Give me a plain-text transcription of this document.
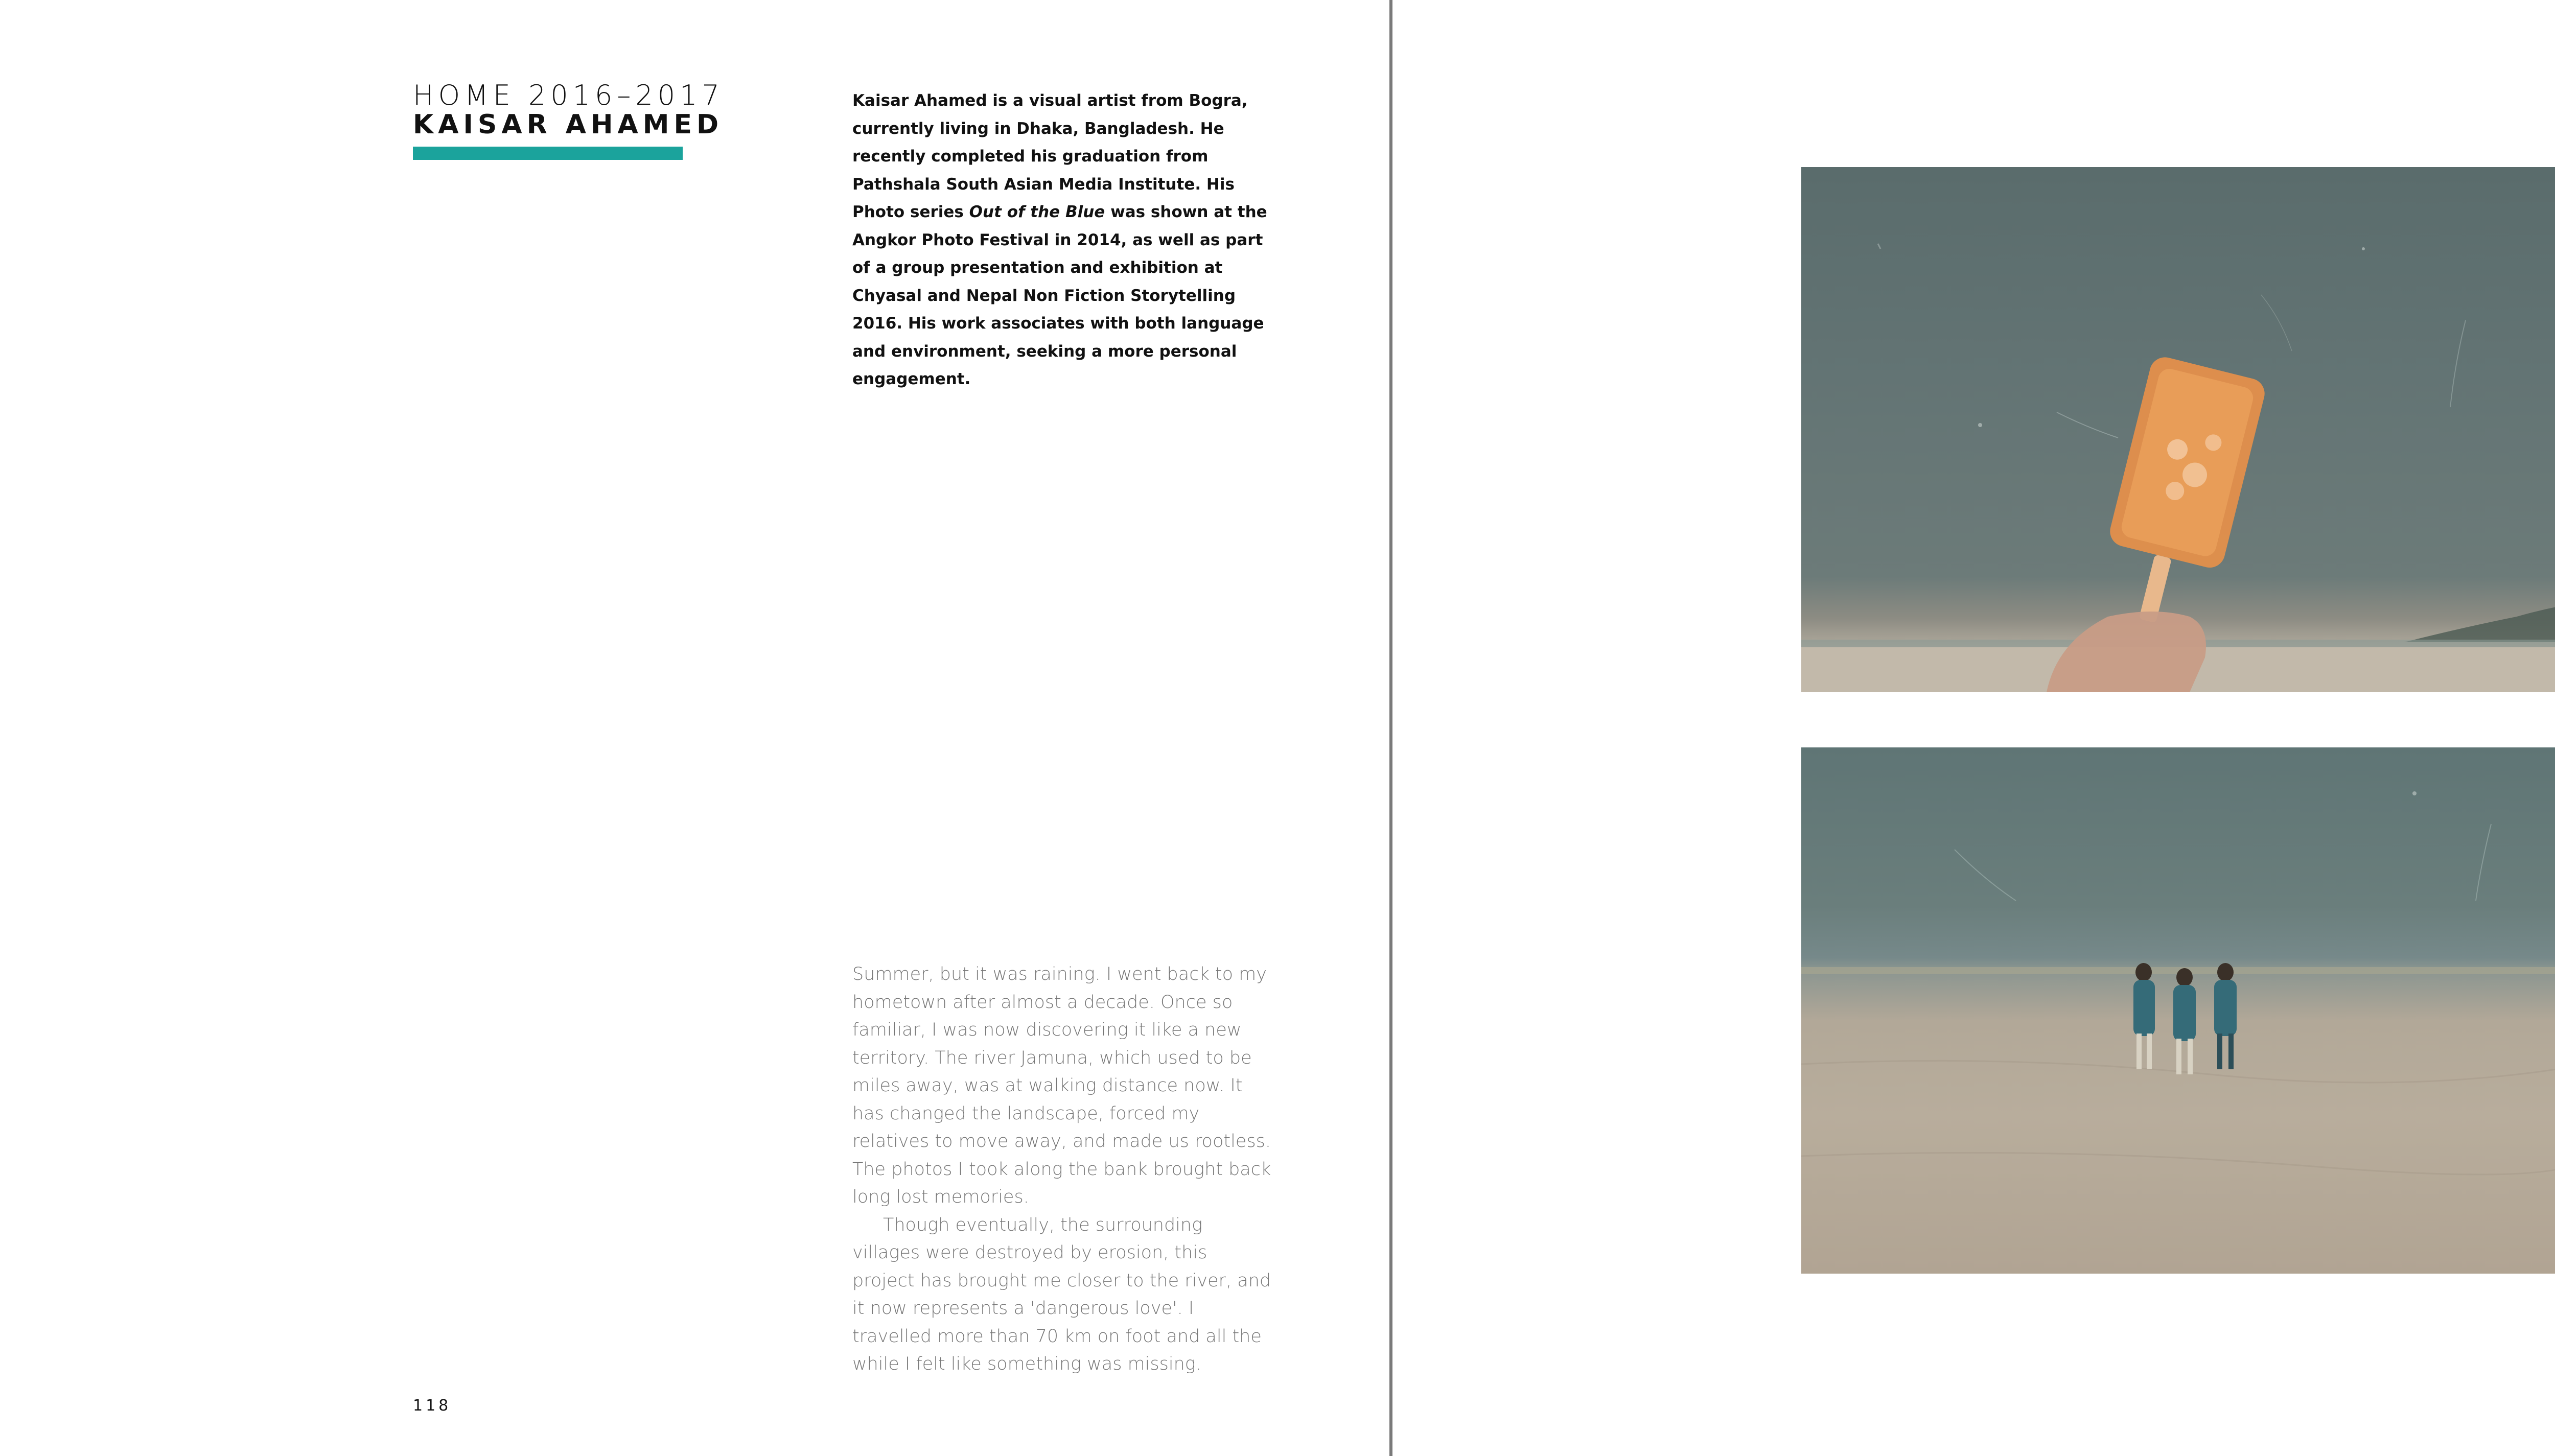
HOME 2016–2017
KAISAR AHAMED

Kaisar Ahamed is a visual artist from Bogra, currently living in Dhaka, Bangladesh. He recently completed his graduation from Pathshala South Asian Media Institute. His Photo series Out of the Blue was shown at the Angkor Photo Festival in 2014, as well as part of a group presentation and exhibition at Chyasal and Nepal Non Fiction Storytelling 2016. His work associates with both language and environment, seeking a more personal engagement.

Summer, but it was raining. I went back to my hometown after almost a decade. Once so familiar, I was now discovering it like a new territory. The river Jamuna, which used to be miles away, was at walking distance now. It has changed the landscape, forced my relatives to move away, and made us rootless. The photos I took along the bank brought back long lost memories.

Though eventually, the surrounding villages were destroyed by erosion, this project has brought me closer to the river, and it now represents a 'dangerous love'. I travelled more than 70 km on foot and all the while I felt like something was missing.

118
